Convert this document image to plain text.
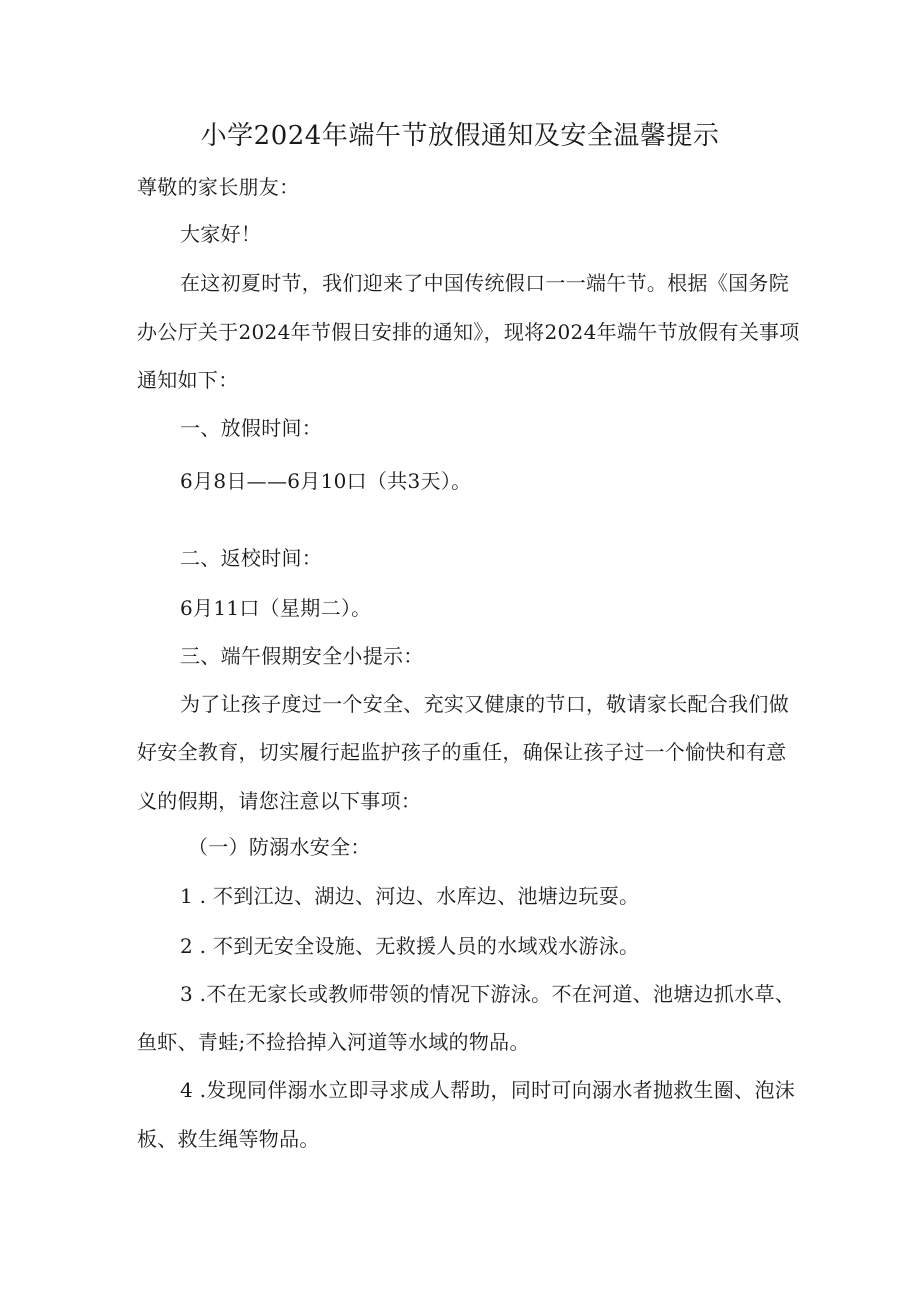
小学2024年端午节放假通知及安全温馨提示
尊敬的家长朋友：
大家好！
在这初夏时节，我们迎来了中国传统假口一一端午节。根据《国务院
办公厅关于2024年节假日安排的通知》，现将2024年端午节放假有关事项
通知如下：
一、放假时间：
6月8日——6月10口（共3天）。
二、返校时间：
6月11口（星期二）。
三、端午假期安全小提示：
为了让孩子度过一个安全、充实又健康的节口，敬请家长配合我们做
好安全教育，切实履行起监护孩子的重任，确保让孩子过一个愉快和有意
义的假期，请您注意以下事项：
（一）防溺水安全：
1 . 不到江边、湖边、河边、水库边、池塘边玩耍。
2 . 不到无安全设施、无救援人员的水域戏水游泳。
3 .不在无家长或教师带领的情况下游泳。不在河道、池塘边抓水草、
鱼虾、青蛙;不捡拾掉入河道等水域的物品。
4 .发现同伴溺水立即寻求成人帮助，同时可向溺水者抛救生圈、泡沫
板、救生绳等物品。
